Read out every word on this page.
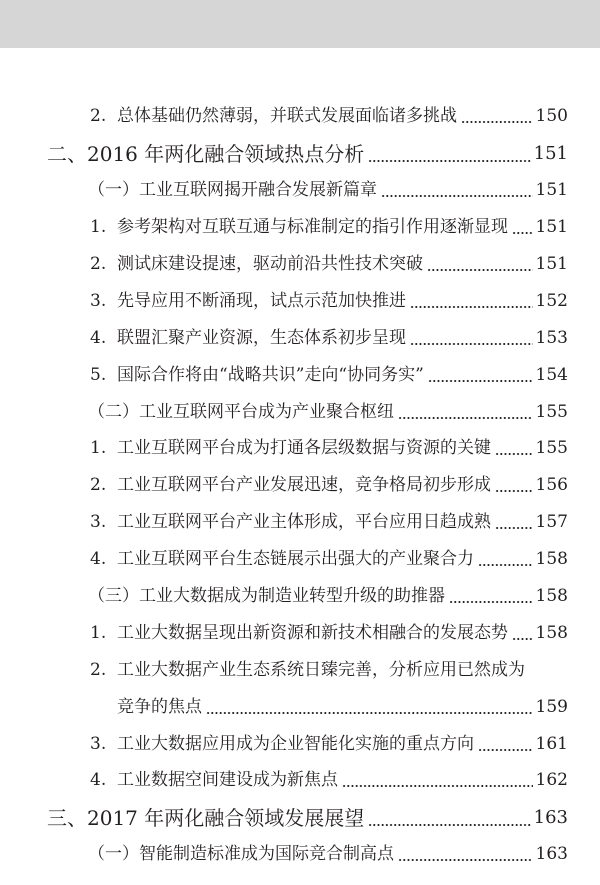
2. 总体基础仍然薄弱，并联式发展面临诸多挑战	150
二、 2016 年两化融合领域热点分析	151
（一） 工业互联网揭开融合发展新篇章	151
1. 参考架构对互联互通与标准制定的指引作用逐渐显现 151
2. 测试床建设提速，驱动前沿共性技术突破	151
3. 先导应用不断涌现，试点示范加快推进	152
4. 联盟汇聚产业资源，生态体系初步呈现	153
5. 国际合作将由“战略共识”走向“协同务实”	154
（二） 工业互联网平台成为产业聚合枢纽	155
1. 工业互联网平台成为打通各层级数据与资源的关键	155
2. 工业互联网平台产业发展迅速，竞争格局初步形成	156
3. 工业互联网平台产业主体形成，平台应用日趋成熟	157
4. 工业互联网平台生态链展示出强大的产业聚合力	158
（三） 工业大数据成为制造业转型升级的助推器	158
1. 工业大数据呈现出新资源和新技术相融合的发展态势 158
2. 工业大数据产业生态系统日臻完善，分析应用已然成为
竞争的焦点	159
3. 工业大数据应用成为企业智能化实施的重点方向	161
4. 工业数据空间建设成为新焦点	162
三、 2017 年两化融合领域发展展望	163
（一） 智能制造标准成为国际竞合制高点	163
